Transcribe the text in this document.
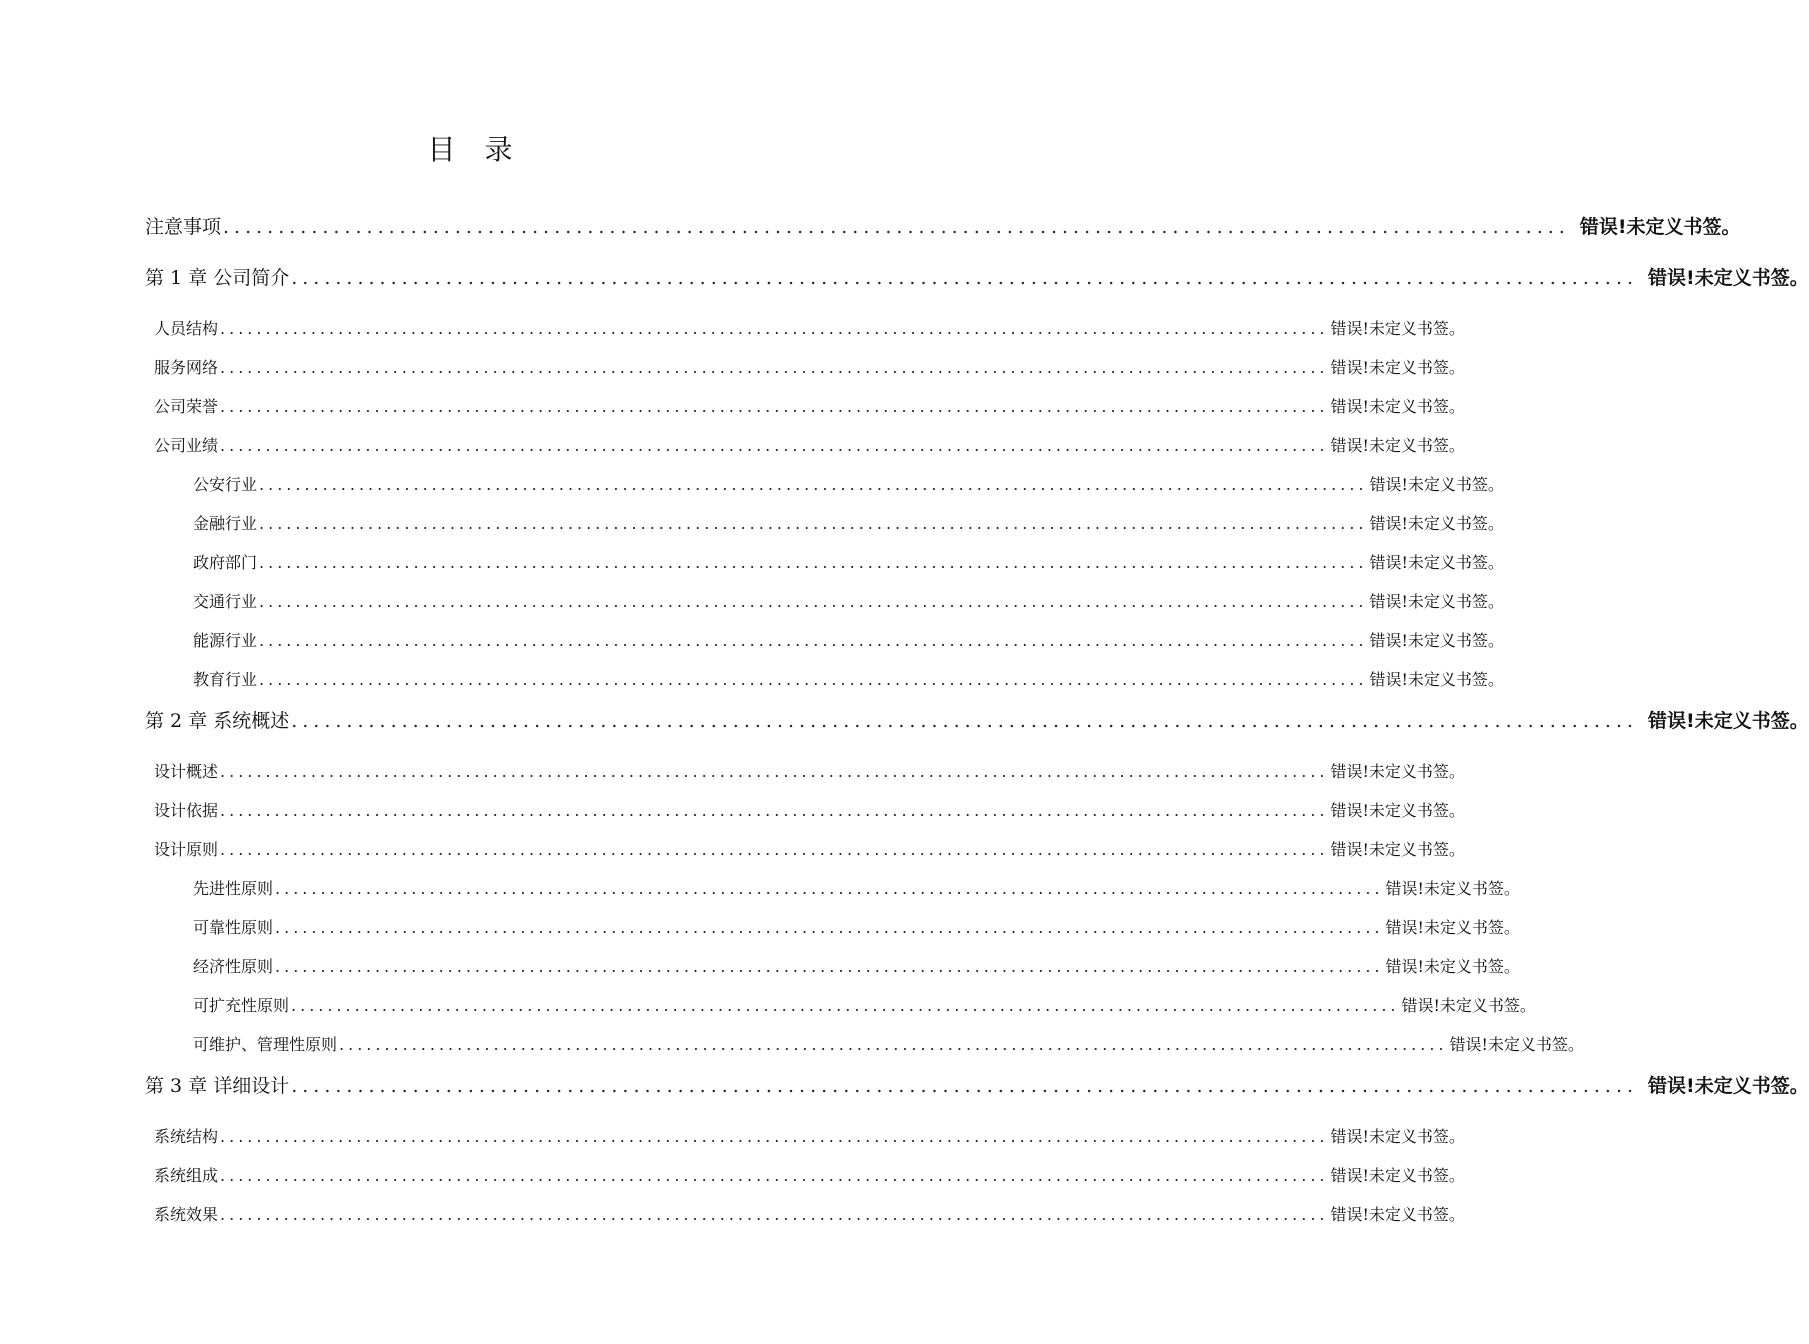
目 录
注意事项 .......................................................................................................................... 错误!未定义书签。
第 1 章 公司简介 .......................................................................................................................... 错误!未定义书签。
人员结构 .......................................................................................................................... 错误!未定义书签。
服务网络 .......................................................................................................................... 错误!未定义书签。
公司荣誉 .......................................................................................................................... 错误!未定义书签。
公司业绩 .......................................................................................................................... 错误!未定义书签。
公安行业 .......................................................................................................................... 错误!未定义书签。
金融行业 .......................................................................................................................... 错误!未定义书签。
政府部门 .......................................................................................................................... 错误!未定义书签。
交通行业 .......................................................................................................................... 错误!未定义书签。
能源行业 .......................................................................................................................... 错误!未定义书签。
教育行业 .......................................................................................................................... 错误!未定义书签。
第 2 章 系统概述 .......................................................................................................................... 错误!未定义书签。
设计概述 .......................................................................................................................... 错误!未定义书签。
设计依据 .......................................................................................................................... 错误!未定义书签。
设计原则 .......................................................................................................................... 错误!未定义书签。
先进性原则 .......................................................................................................................... 错误!未定义书签。
可靠性原则 .......................................................................................................................... 错误!未定义书签。
经济性原则 .......................................................................................................................... 错误!未定义书签。
可扩充性原则 .......................................................................................................................... 错误!未定义书签。
可维护、管理性原则 .......................................................................................................................... 错误!未定义书签。
第 3 章 详细设计 .......................................................................................................................... 错误!未定义书签。
系统结构 .......................................................................................................................... 错误!未定义书签。
系统组成 .......................................................................................................................... 错误!未定义书签。
系统效果 .......................................................................................................................... 错误!未定义书签。
